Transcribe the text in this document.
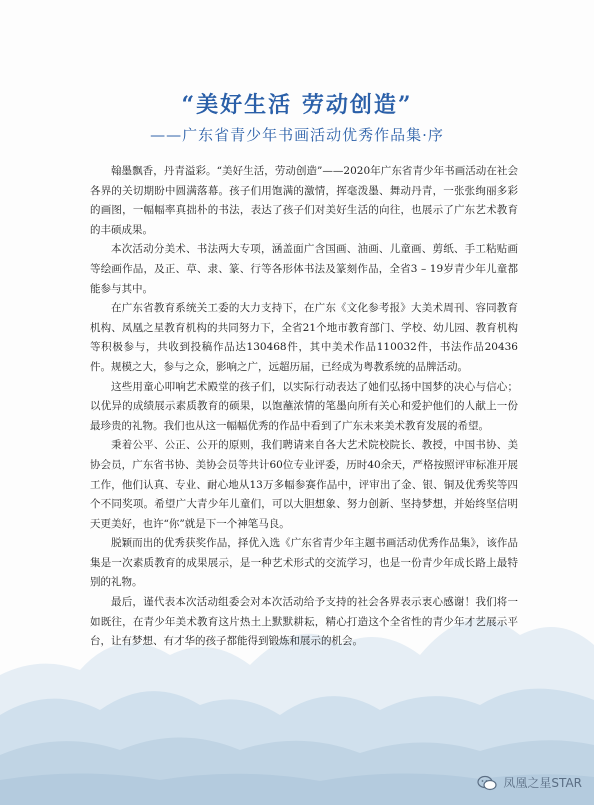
“美好生活 劳动创造”
——广东省青少年书画活动优秀作品集·序

翰墨飘香，丹青溢彩。“美好生活，劳动创造”——2020年广东省青少年书画活动在社会各界的关切期盼中圆满落幕。孩子们用饱满的激情，挥毫泼墨、舞动丹青，一张张绚丽多彩的画图，一幅幅率真拙朴的书法，表达了孩子们对美好生活的向往，也展示了广东艺术教育的丰硕成果。

本次活动分美术、书法两大专项，涵盖面广含国画、油画、儿童画、剪纸、手工粘贴画等绘画作品，及正、草、隶、篆、行等各形体书法及篆刻作品，全省3 – 19岁青少年儿童都能参与其中。

在广东省教育系统关工委的大力支持下，在广东《文化参考报》大美术周刊、容同教育机构、凤凰之星教育机构的共同努力下，全省21个地市教育部门、学校、幼儿园、教育机构等积极参与，共收到投稿作品达130468件，其中美术作品110032件，书法作品20436件。规模之大，参与之众，影响之广，远超历届，已经成为粤教系统的品牌活动。

这些用童心叩响艺术殿堂的孩子们，以实际行动表达了她们弘扬中国梦的决心与信心；以优异的成绩展示素质教育的硕果，以饱蘸浓情的笔墨向所有关心和爱护他们的人献上一份最珍贵的礼物。我们也从这一幅幅优秀的作品中看到了广东未来美术教育发展的希望。

秉着公平、公正、公开的原则，我们聘请来自各大艺术院校院长、教授，中国书协、美协会员，广东省书协、美协会员等共计60位专业评委，历时40余天，严格按照评审标准开展工作，他们认真、专业、耐心地从13万多幅参赛作品中，评审出了金、银、铜及优秀奖等四个不同奖项。希望广大青少年儿童们，可以大胆想象、努力创新、坚持梦想，并始终坚信明天更美好，也许“你”就是下一个神笔马良。

脱颖而出的优秀获奖作品，择优入选《广东省青少年主题书画活动优秀作品集》，该作品集是一次素质教育的成果展示，是一种艺术形式的交流学习，也是一份青少年成长路上最特别的礼物。

最后，谨代表本次活动组委会对本次活动给予支持的社会各界表示衷心感谢！我们将一如既往，在青少年美术教育这片热土上默默耕耘，精心打造这个全省性的青少年才艺展示平台，让有梦想、有才华的孩子都能得到锻炼和展示的机会。

凤凰之星STAR
